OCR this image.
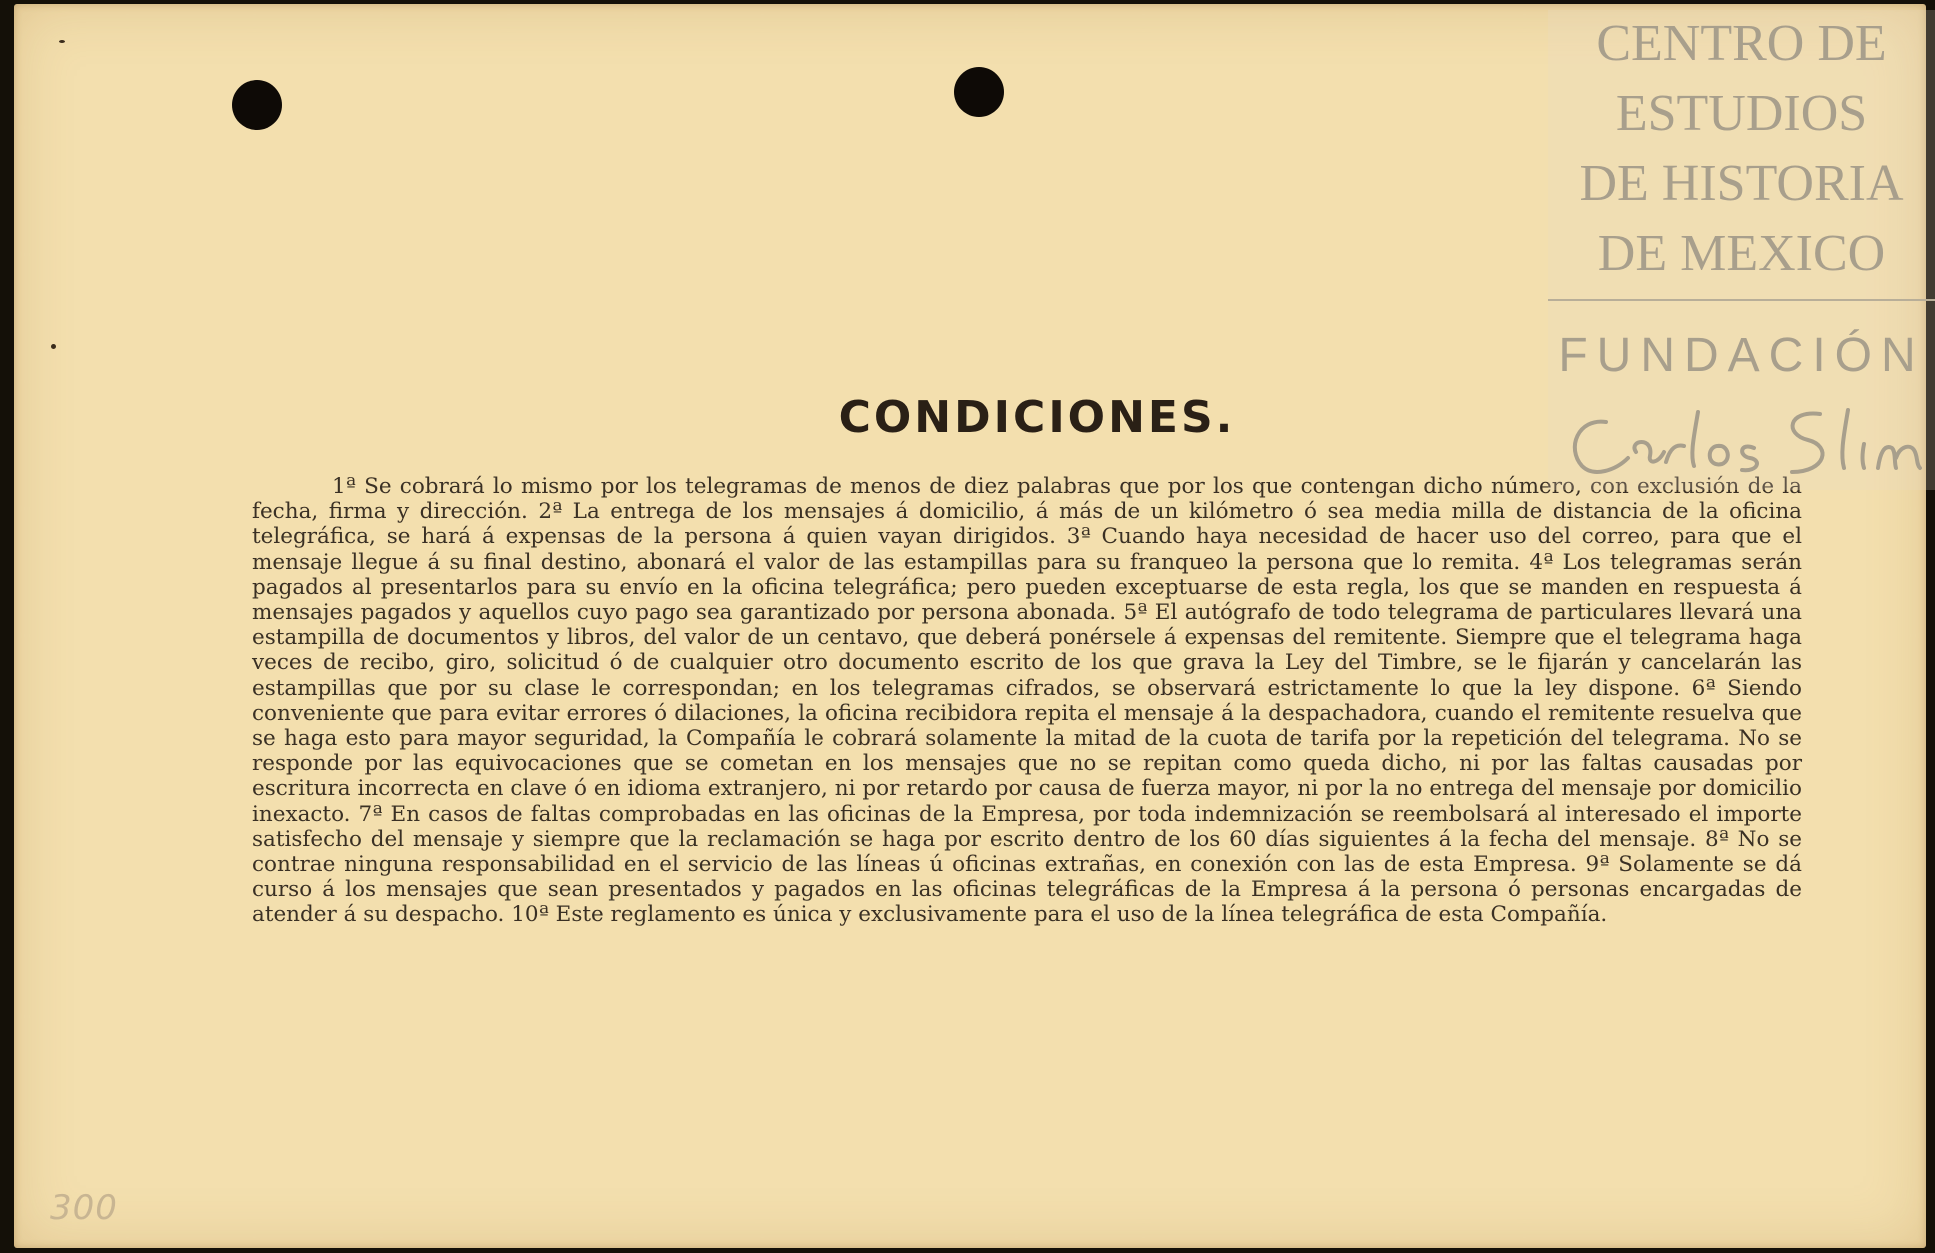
CONDICIONES.

1ª Se cobrará lo mismo por los telegramas de menos de diez palabras que por los que contengan dicho número, con exclusión de la fecha, firma y dirección. 2ª La entrega de los mensajes á domicilio, á más de un kilómetro ó sea media milla de distancia de la oficina telegráfica, se hará á expensas de la persona á quien vayan dirigidos. 3ª Cuando haya necesidad de hacer uso del correo, para que el mensaje llegue á su final destino, abonará el valor de las estampillas para su franqueo la persona que lo remita. 4ª Los telegramas serán pagados al presentarlos para su envío en la oficina telegráfica; pero pueden exceptuarse de esta regla, los que se manden en respuesta á mensajes pagados y aquellos cuyo pago sea garantizado por persona abonada. 5ª El autógrafo de todo telegrama de particulares llevará una estampilla de documentos y libros, del valor de un centavo, que deberá ponérsele á expensas del remitente. Siempre que el telegrama haga veces de recibo, giro, solicitud ó de cualquier otro documento escrito de los que grava la Ley del Timbre, se le fijarán y cancelarán las estampillas que por su clase le correspondan; en los telegramas cifrados, se observará estrictamente lo que la ley dispone. 6ª Siendo conveniente que para evitar errores ó dilaciones, la oficina recibidora repita el mensaje á la despachadora, cuando el remitente resuelva que se haga esto para mayor seguridad, la Compañía le cobrará solamente la mitad de la cuota de tarifa por la repetición del telegrama. No se responde por las equivocaciones que se cometan en los mensajes que no se repitan como queda dicho, ni por las faltas causadas por escritura incorrecta en clave ó en idioma extranjero, ni por retardo por causa de fuerza mayor, ni por la no entrega del mensaje por domicilio inexacto. 7ª En casos de faltas comprobadas en las oficinas de la Empresa, por toda indemnización se reembolsará al interesado el importe satisfecho del mensaje y siempre que la reclamación se haga por escrito dentro de los 60 días siguientes á la fecha del mensaje. 8ª No se contrae ninguna responsabilidad en el servicio de las líneas ú oficinas extrañas, en conexión con las de esta Empresa. 9ª Solamente se dá curso á los mensajes que sean presentados y pagados en las oficinas telegráficas de la Empresa á la persona ó personas encargadas de atender á su despacho. 10ª Este reglamento es única y exclusivamente para el uso de la línea telegráfica de esta Compañía.

300
CENTRO DE
ESTUDIOS
DE HISTORIA
DE MEXICO
FUNDACIÓN
